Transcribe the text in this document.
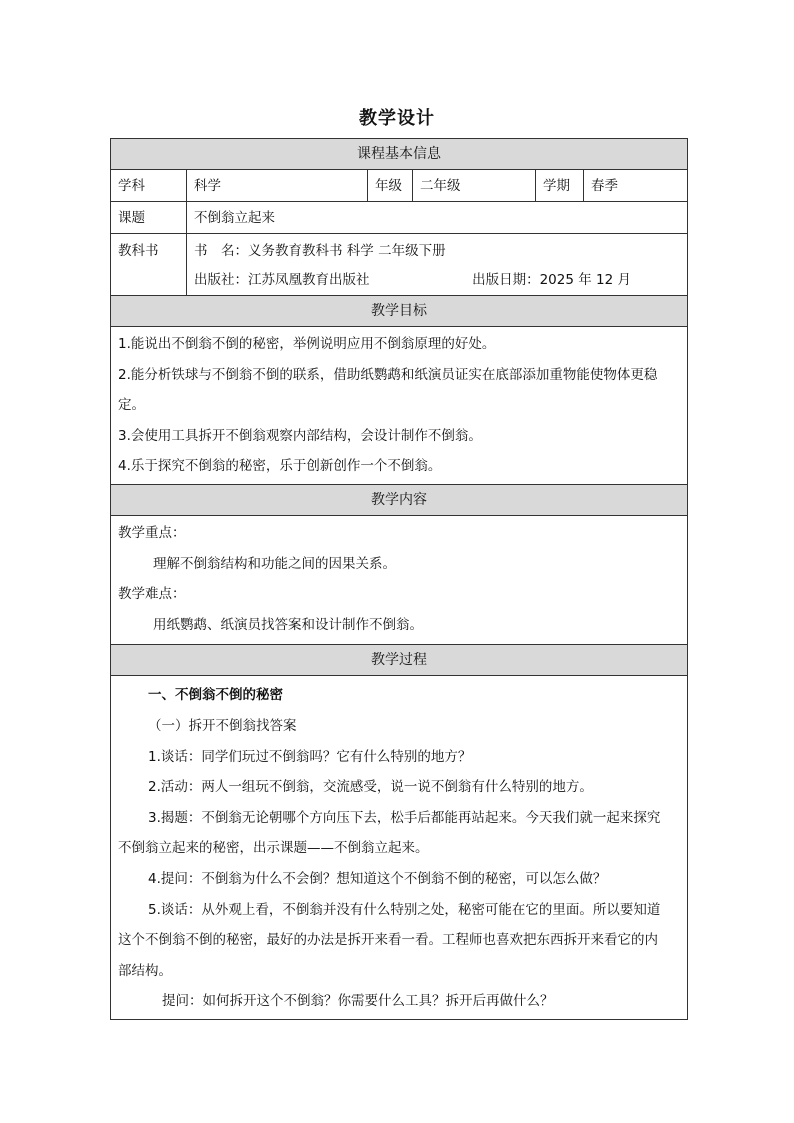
教学设计
课程基本信息
学科	科学	年级	二年级	学期	春季
课题	不倒翁立起来
教科书	书　名：义务教育教科书 科学 二年级下册
出版社：江苏凤凰教育出版社	出版日期：2025 年 12 月
教学目标

1.能说出不倒翁不倒的秘密，举例说明应用不倒翁原理的好处。

2.能分析铁球与不倒翁不倒的联系，借助纸鹦鹉和纸演员证实在底部添加重物能使物体更稳

定。

3.会使用工具拆开不倒翁观察内部结构，会设计制作不倒翁。

4.乐于探究不倒翁的秘密，乐于创新创作一个不倒翁。

教学内容

教学重点：

理解不倒翁结构和功能之间的因果关系。

教学难点：

用纸鹦鹉、纸演员找答案和设计制作不倒翁。

教学过程

一、不倒翁不倒的秘密

（一）拆开不倒翁找答案

1.谈话：同学们玩过不倒翁吗？它有什么特别的地方？

2.活动：两人一组玩不倒翁，交流感受，说一说不倒翁有什么特别的地方。

3.揭题：不倒翁无论朝哪个方向压下去，松手后都能再站起来。今天我们就一起来探究

不倒翁立起来的秘密，出示课题——不倒翁立起来。

4.提问：不倒翁为什么不会倒？想知道这个不倒翁不倒的秘密，可以怎么做？

5.谈话：从外观上看，不倒翁并没有什么特别之处，秘密可能在它的里面。所以要知道

这个不倒翁不倒的秘密，最好的办法是拆开来看一看。工程师也喜欢把东西拆开来看它的内

部结构。

提问：如何拆开这个不倒翁？你需要什么工具？拆开后再做什么？
